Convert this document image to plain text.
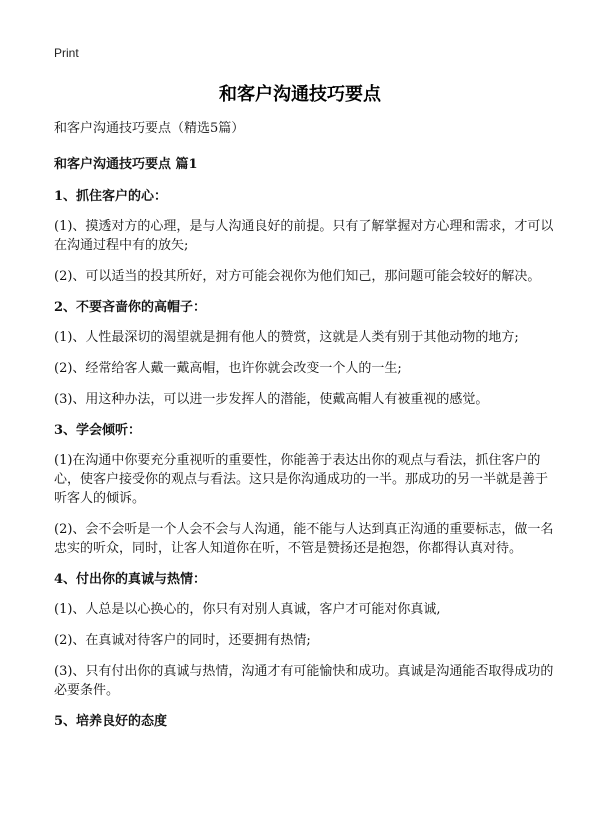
Print
和客户沟通技巧要点

和客户沟通技巧要点（精选5篇）

和客户沟通技巧要点 篇1

1、抓住客户的心：

(1)、摸透对方的心理，是与人沟通良好的前提。只有了解掌握对方心理和需求，才可以在沟通过程中有的放矢;

(2)、可以适当的投其所好，对方可能会视你为他们知己，那问题可能会较好的解决。

2、不要吝啬你的高帽子：

(1)、人性最深切的渴望就是拥有他人的赞赏，这就是人类有别于其他动物的地方;

(2)、经常给客人戴一戴高帽，也许你就会改变一个人的一生;

(3)、用这种办法，可以进一步发挥人的潜能，使戴高帽人有被重视的感觉。

3、学会倾听：

(1)在沟通中你要充分重视听的重要性，你能善于表达出你的观点与看法，抓住客户的心，使客户接受你的观点与看法。这只是你沟通成功的一半。那成功的另一半就是善于听客人的倾诉。

(2)、会不会听是一个人会不会与人沟通，能不能与人达到真正沟通的重要标志，做一名忠实的听众，同时，让客人知道你在听，不管是赞扬还是抱怨，你都得认真对待。

4、付出你的真诚与热情：

(1)、人总是以心换心的，你只有对别人真诚，客户才可能对你真诚,

(2)、在真诚对待客户的同时，还要拥有热情;

(3)、只有付出你的真诚与热情，沟通才有可能愉快和成功。真诚是沟通能否取得成功的必要条件。

5、培养良好的态度
